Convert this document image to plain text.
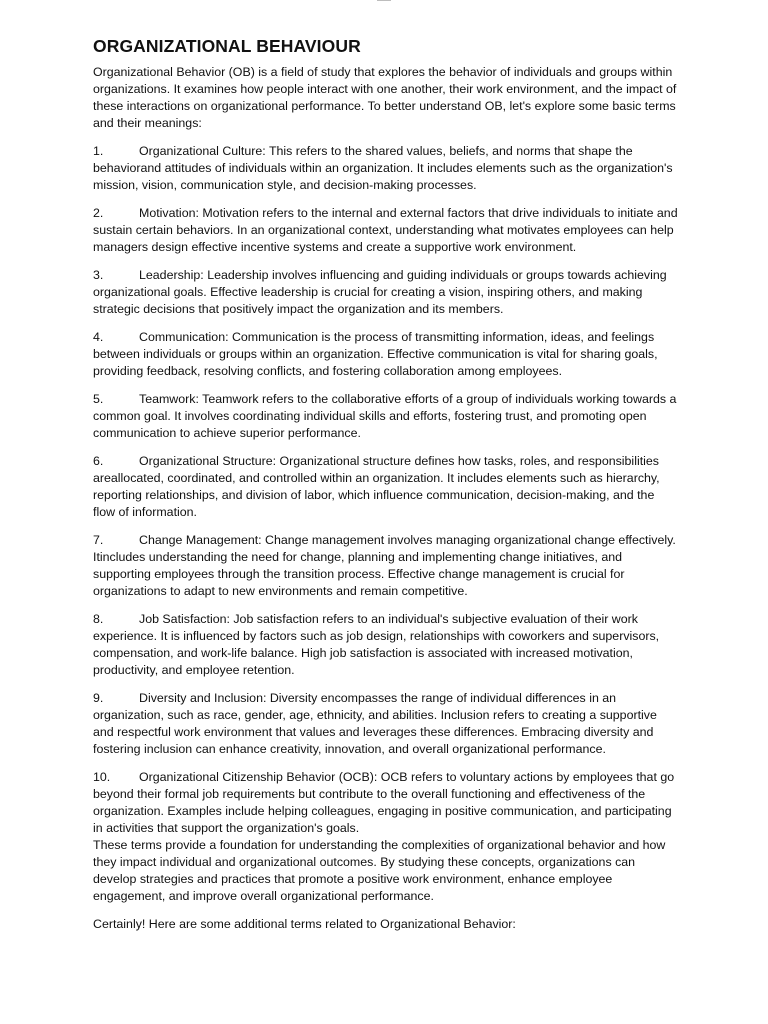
ORGANIZATIONAL BEHAVIOUR

Organizational Behavior (OB) is a field of study that explores the behavior of individuals and groups within organizations. It examines how people interact with one another, their work environment, and the impact of these interactions on organizational performance. To better understand OB, let's explore some basic terms and their meanings:

1.	Organizational Culture: This refers to the shared values, beliefs, and norms that shape the behaviorand attitudes of individuals within an organization. It includes elements such as the organization's mission, vision, communication style, and decision-making processes.
2.	Motivation: Motivation refers to the internal and external factors that drive individuals to initiate and sustain certain behaviors. In an organizational context, understanding what motivates employees can help managers design effective incentive systems and create a supportive work environment.
3.	Leadership: Leadership involves influencing and guiding individuals or groups towards achieving organizational goals. Effective leadership is crucial for creating a vision, inspiring others, and making strategic decisions that positively impact the organization and its members.
4.	Communication: Communication is the process of transmitting information, ideas, and feelings between individuals or groups within an organization. Effective communication is vital for sharing goals, providing feedback, resolving conflicts, and fostering collaboration among employees.
5.	Teamwork: Teamwork refers to the collaborative efforts of a group of individuals working towards a common goal. It involves coordinating individual skills and efforts, fostering trust, and promoting open communication to achieve superior performance.
6.	Organizational Structure: Organizational structure defines how tasks, roles, and responsibilities areallocated, coordinated, and controlled within an organization. It includes elements such as hierarchy, reporting relationships, and division of labor, which influence communication, decision-making, and the flow of information.
7.	Change Management: Change management involves managing organizational change effectively. Itincludes understanding the need for change, planning and implementing change initiatives, and supporting employees through the transition process. Effective change management is crucial for organizations to adapt to new environments and remain competitive.
8.	Job Satisfaction: Job satisfaction refers to an individual's subjective evaluation of their work experience. It is influenced by factors such as job design, relationships with coworkers and supervisors, compensation, and work-life balance. High job satisfaction is associated with increased motivation, productivity, and employee retention.
9.	Diversity and Inclusion: Diversity encompasses the range of individual differences in an organization, such as race, gender, age, ethnicity, and abilities. Inclusion refers to creating a supportive and respectful work environment that values and leverages these differences. Embracing diversity and fostering inclusion can enhance creativity, innovation, and overall organizational performance.
10. Organizational Citizenship Behavior (OCB): OCB refers to voluntary actions by employees that go beyond their formal job requirements but contribute to the overall functioning and effectiveness of the organization. Examples include helping colleagues, engaging in positive communication, and participating in activities that support the organization's goals.

These terms provide a foundation for understanding the complexities of organizational behavior and how they impact individual and organizational outcomes. By studying these concepts, organizations can develop strategies and practices that promote a positive work environment, enhance employee engagement, and improve overall organizational performance.

Certainly! Here are some additional terms related to Organizational Behavior:
